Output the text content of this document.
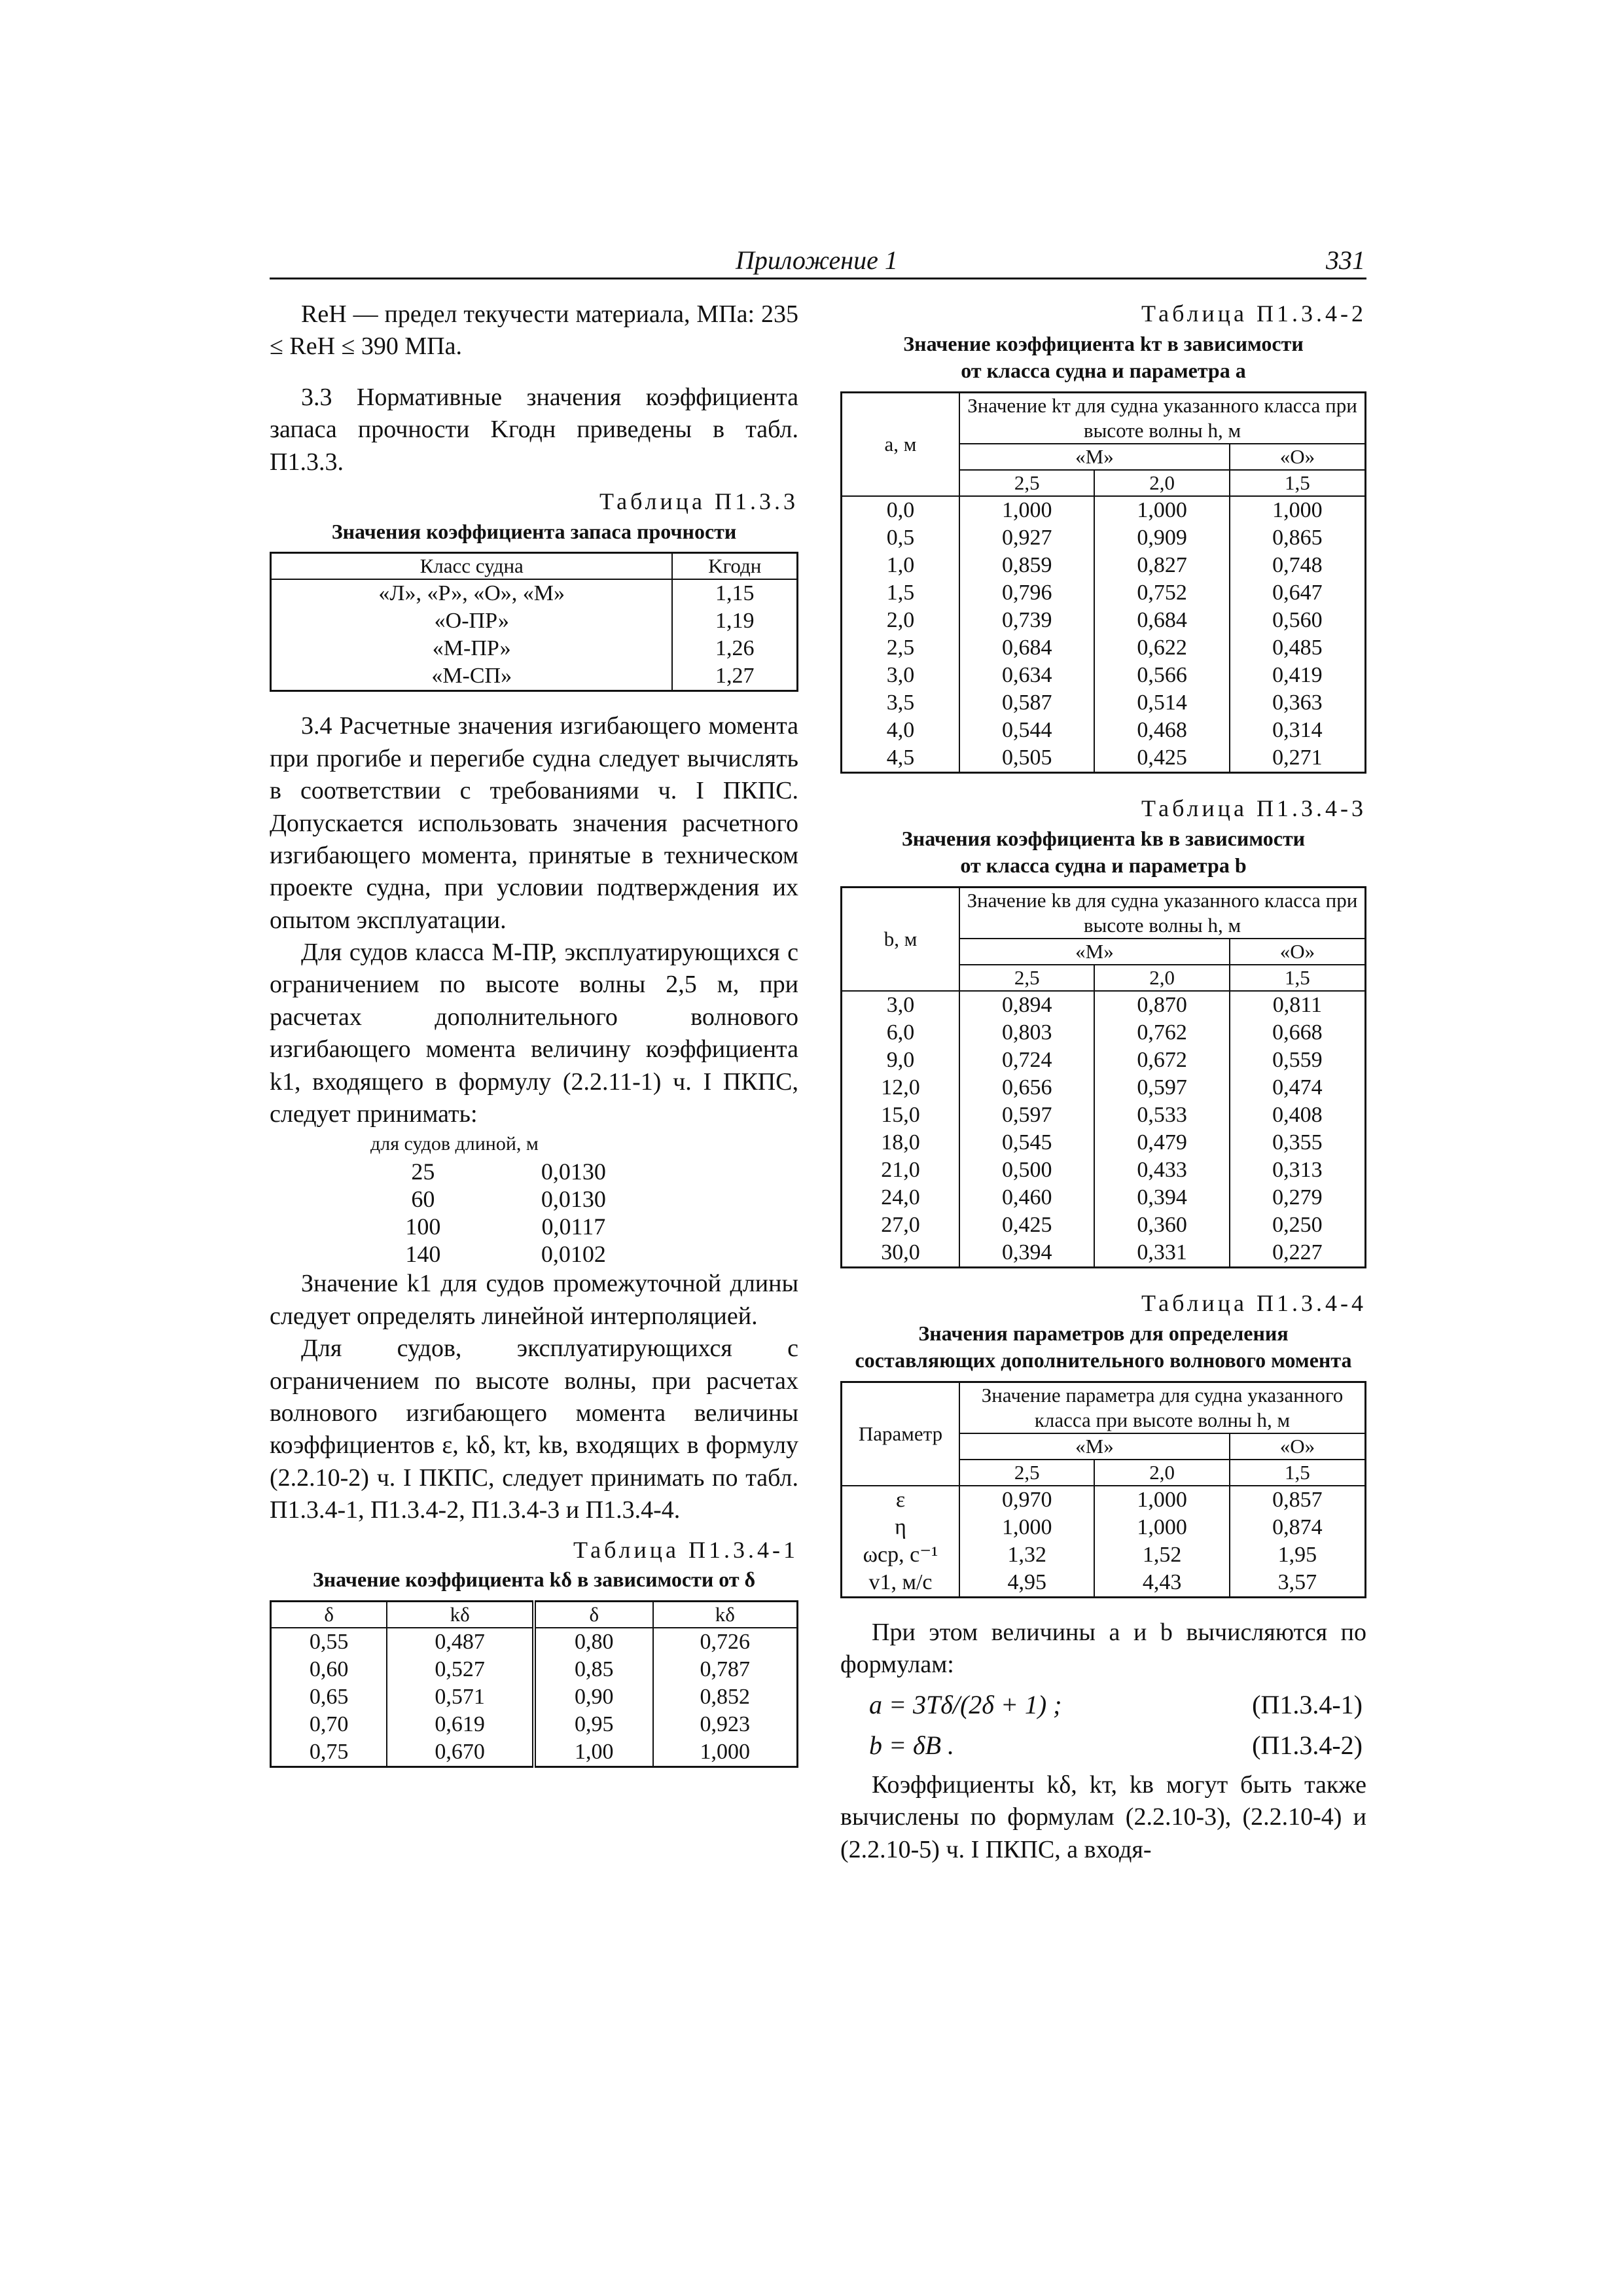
Приложение 1	331

ReH — предел текучести материала, МПа: 235 ≤ ReH ≤ 390 МПа.

3.3 Нормативные значения коэффициента запаса прочности Kгодн приведены в табл. П1.3.3.

Таблица П1.3.3
Значения коэффициента запаса прочности
Класс судна	Kгодн
«Л», «Р», «О», «М»	1,15
«О-ПР»	1,19
«М-ПР»	1,26
«М-СП»	1,27

3.4 Расчетные значения изгибающего момента при прогибе и перегибе судна следует вычислять в соответствии с требованиями ч. I ПКПС. Допускается использовать значения расчетного изгибающего момента, принятые в техническом проекте судна, при условии подтверждения их опытом эксплуатации.

Для судов класса М-ПР, эксплуатирующихся с ограничением по высоте волны 2,5 м, при расчетах дополнительного волнового изгибающего момента величину коэффициента k1, входящего в формулу (2.2.11-1) ч. I ПКПС, следует принимать:

для судов длиной, м	
25	0,0130
60	0,0130
100	0,0117
140	0,0102

Значение k1 для судов промежуточной длины следует определять линейной интерполяцией.

Для судов, эксплуатирующихся с ограничением по высоте волны, при расчетах волнового изгибающего момента величины коэффициентов ε, kδ, kт, kв, входящих в формулу (2.2.10-2) ч. I ПКПС, следует принимать по табл. П1.3.4-1, П1.3.4-2, П1.3.4-3 и П1.3.4-4.

Таблица П1.3.4-1
Значение коэффициента kδ в зависимости от δ
δ	kδ	δ	kδ
0,55	0,487	0,80	0,726
0,60	0,527	0,85	0,787
0,65	0,571	0,90	0,852
0,70	0,619	0,95	0,923
0,75	0,670	1,00	1,000
Таблица П1.3.4-2
Значение коэффициента kт в зависимости
от класса судна и параметра a
a, м	Значение kт для судна указанного класса при высоте волны h, м		
	«М»		«О»
	2,5	2,0	1,5
0,0	1,000	1,000	1,000
0,5	0,927	0,909	0,865
1,0	0,859	0,827	0,748
1,5	0,796	0,752	0,647
2,0	0,739	0,684	0,560
2,5	0,684	0,622	0,485
3,0	0,634	0,566	0,419
3,5	0,587	0,514	0,363
4,0	0,544	0,468	0,314
4,5	0,505	0,425	0,271
Таблица П1.3.4-3
Значения коэффициента kв в зависимости
от класса судна и параметра b
b, м	Значение kв для судна указанного класса при высоте волны h, м		
	«М»		«О»
	2,5	2,0	1,5
3,0	0,894	0,870	0,811
6,0	0,803	0,762	0,668
9,0	0,724	0,672	0,559
12,0	0,656	0,597	0,474
15,0	0,597	0,533	0,408
18,0	0,545	0,479	0,355
21,0	0,500	0,433	0,313
24,0	0,460	0,394	0,279
27,0	0,425	0,360	0,250
30,0	0,394	0,331	0,227
Таблица П1.3.4-4
Значения параметров для определения
составляющих дополнительного волнового момента
Параметр	Значение параметра для судна указанного класса при высоте волны h, м		
	«М»		«О»
	2,5	2,0	1,5
ε	0,970	1,000	0,857
η	1,000	1,000	0,874
ωср, с⁻¹	1,32	1,52	1,95
v1, м/с	4,95	4,43	3,57

При этом величины a и b вычисляются по формулам:

a = 3Tδ/(2δ + 1) ;	(П1.3.4-1)
b = δB .	(П1.3.4-2)

Коэффициенты kδ, kт, kв могут быть также вычислены по формулам (2.2.10-3), (2.2.10-4) и (2.2.10-5) ч. I ПКПС, а входя-
